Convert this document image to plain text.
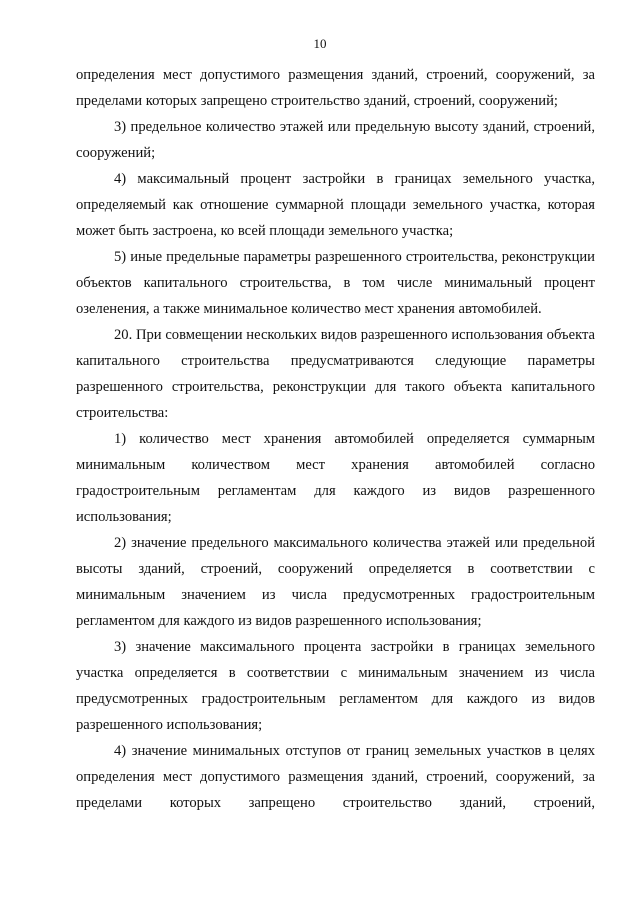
10

определения мест допустимого размещения зданий, строений, сооружений, за пределами которых запрещено строительство зданий, строений, сооружений;

3) предельное количество этажей или предельную высоту зданий, строений, сооружений;

4) максимальный процент застройки в границах земельного участка, определяемый как отношение суммарной площади земельного участка, которая может быть застроена, ко всей площади земельного участка;

5) иные предельные параметры разрешенного строительства, реконструкции объектов капитального строительства, в том числе минимальный процент озеленения, а также минимальное количество мест хранения автомобилей.

20. При совмещении нескольких видов разрешенного использования объекта капитального строительства предусматриваются следующие параметры разрешенного строительства, реконструкции для такого объекта капитального строительства:

1) количество мест хранения автомобилей определяется суммарным минимальным количеством мест хранения автомобилей согласно градостроительным регламентам для каждого из видов разрешенного использования;

2) значение предельного максимального количества этажей или предельной высоты зданий, строений, сооружений определяется в соответствии с минимальным значением из числа предусмотренных градостроительным регламентом для каждого из видов разрешенного использования;

3) значение максимального процента застройки в границах земельного участка определяется в соответствии с минимальным значением из числа предусмотренных градостроительным регламентом для каждого из видов разрешенного использования;

4) значение минимальных отступов от границ земельных участков в целях определения мест допустимого размещения зданий, строений, сооружений, за пределами которых запрещено строительство зданий, строений,
